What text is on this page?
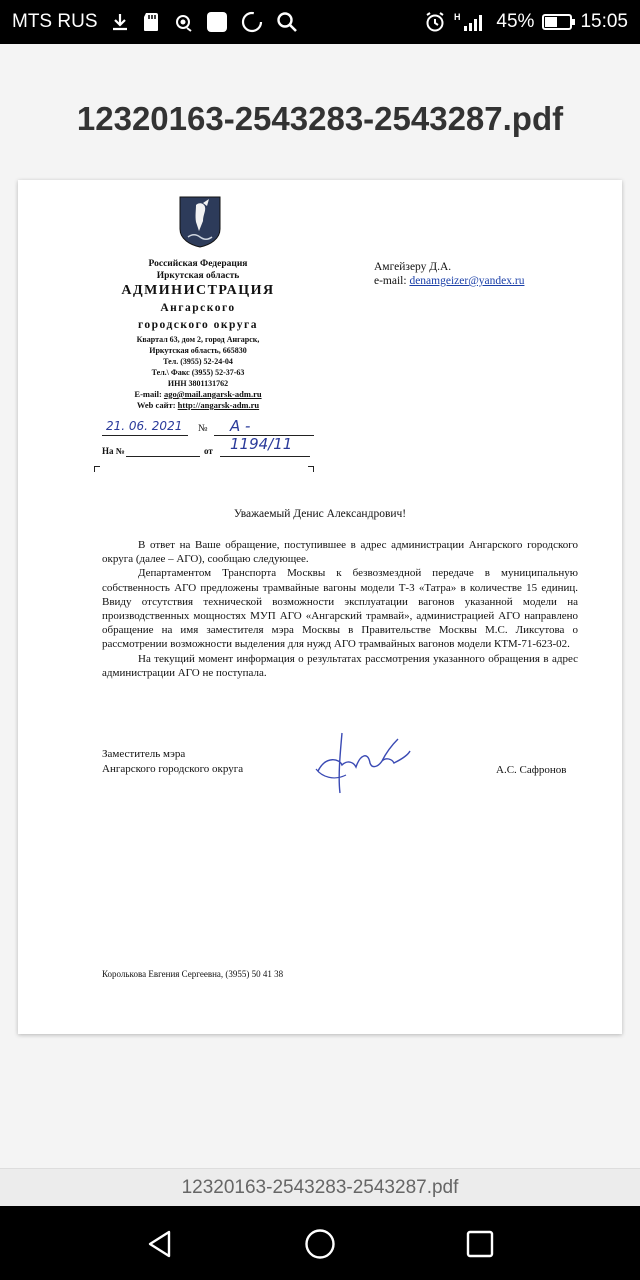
MTS RUS	H 45% 15:05
12320163-2543283-2543287.pdf
Российская Федерация
Иркутская область
АДМИНИСТРАЦИЯ
Ангарского
городского округа
Квартал 63, дом 2, город Ангарск,
Иркутская область, 665830
Тел. (3955) 52-24-04
Тел.\ Факс (3955) 52-37-63
ИНН 3801131762
E-mail: ago@mail.angarsk-adm.ru
Web сайт: http://angarsk-adm.ru
21. 06. 2021 № А - 1194/11
На №	от
Амгейзеру Д.А.
e-mail: denamgeizer@yandex.ru
Уважаемый Денис Александрович!

В ответ на Ваше обращение, поступившее в адрес администрации Ангарского городского округа (далее – АГО), сообщаю следующее.

Департаментом Транспорта Москвы к безвозмездной передаче в муниципальную собственность АГО предложены трамвайные вагоны модели Т-3 «Татра» в количестве 15 единиц. Ввиду отсутствия технической возможности эксплуатации вагонов указанной модели на производственных мощностях МУП АГО «Ангарский трамвай», администрацией АГО направлено обращение на имя заместителя мэра Москвы в Правительстве Москвы М.С. Ликсутова о рассмотрении возможности выделения для нужд АГО трамвайных вагонов модели КТМ-71-623-02.

На текущий момент информация о результатах рассмотрения указанного обращения в адрес администрации АГО не поступала.

Заместитель мэра
Ангарского городского округа	А.С. Сафронов
Королькова Евгения Сергеевна, (3955) 50 41 38
12320163-2543283-2543287.pdf
